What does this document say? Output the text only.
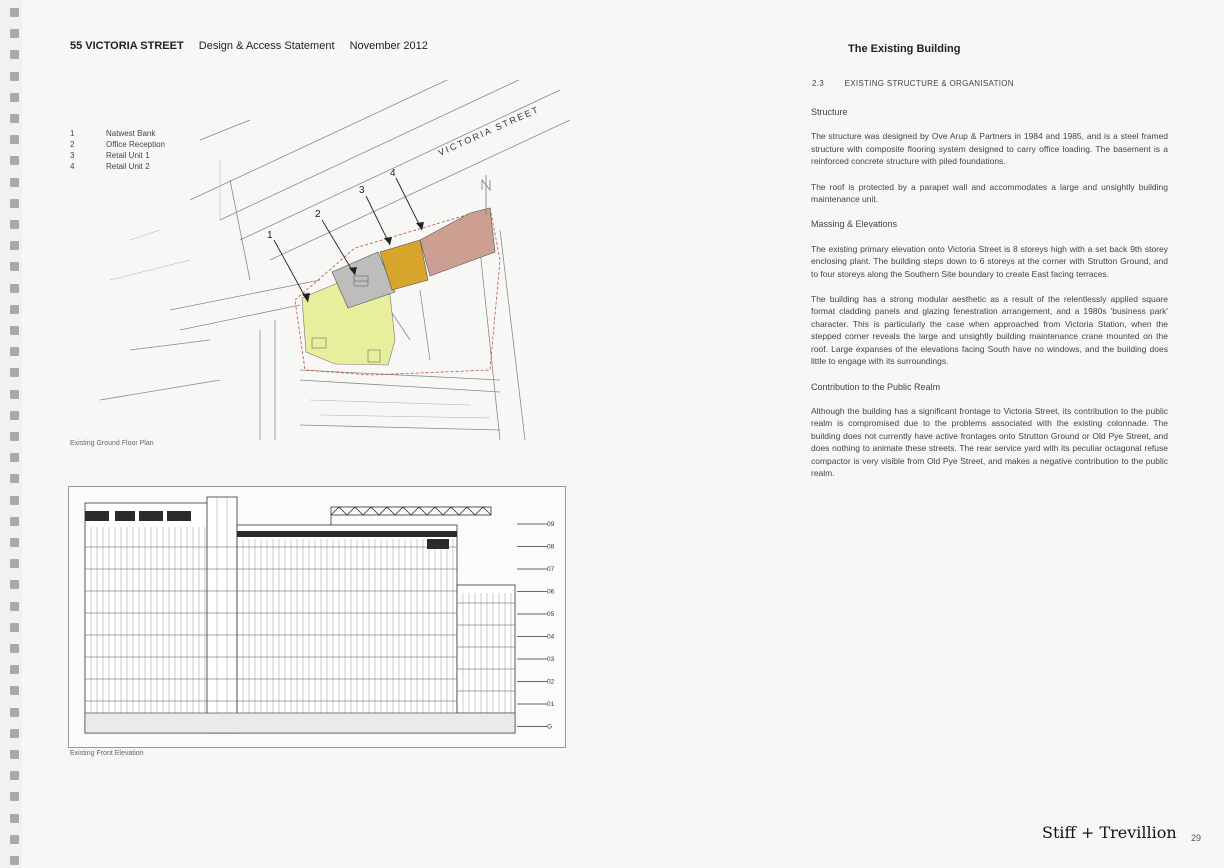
55 VICTORIA STREET Design & Access Statement November 2012
1
2
3
4
VICTORIA STREET
1	Natwest Bank
2	Office Reception
3	Retail Unit 1
4	Retail Unit 2
Existing Ground Floor Plan
09
08
07
06
05
04
03
02
01
G
Existing Front Elevation
The Existing Building
2.3	EXISTING STRUCTURE & ORGANISATION
Structure

The structure was designed by Ove Arup & Partners in 1984 and 1985, and is a steel framed structure with composite flooring system designed to carry office loading. The basement is a reinforced concrete structure with piled foundations.

The roof is protected by a parapet wall and accommodates a large and unsightly building maintenance unit.

Massing & Elevations

The existing primary elevation onto Victoria Street is 8 storeys high with a set back 9th storey enclosing plant. The building steps down to 6 storeys at the corner with Strutton Ground, and to four storeys along the Southern Site boundary to create East facing terraces.

The building has a strong modular aesthetic as a result of the relentlessly applied square format cladding panels and glazing fenestration arrangement, and a 1980s 'business park' character. This is particularly the case when approached from Victoria Station, when the stepped corner reveals the large and unsightly building maintenance crane mounted on the roof. Large expanses of the elevations facing South have no windows, and the building does little to engage with its surroundings.

Contribution to the Public Realm

Although the building has a significant frontage to Victoria Street, its contribution to the public realm is compromised due to the problems associated with the existing colonnade. The building does not currently have active frontages onto Strutton Ground or Old Pye Street, and does nothing to animate these streets. The rear service yard with its peculiar octagonal refuse compactor is very visible from Old Pye Street, and makes a negative contribution to the public realm.

Stiff + Trevillion 29
